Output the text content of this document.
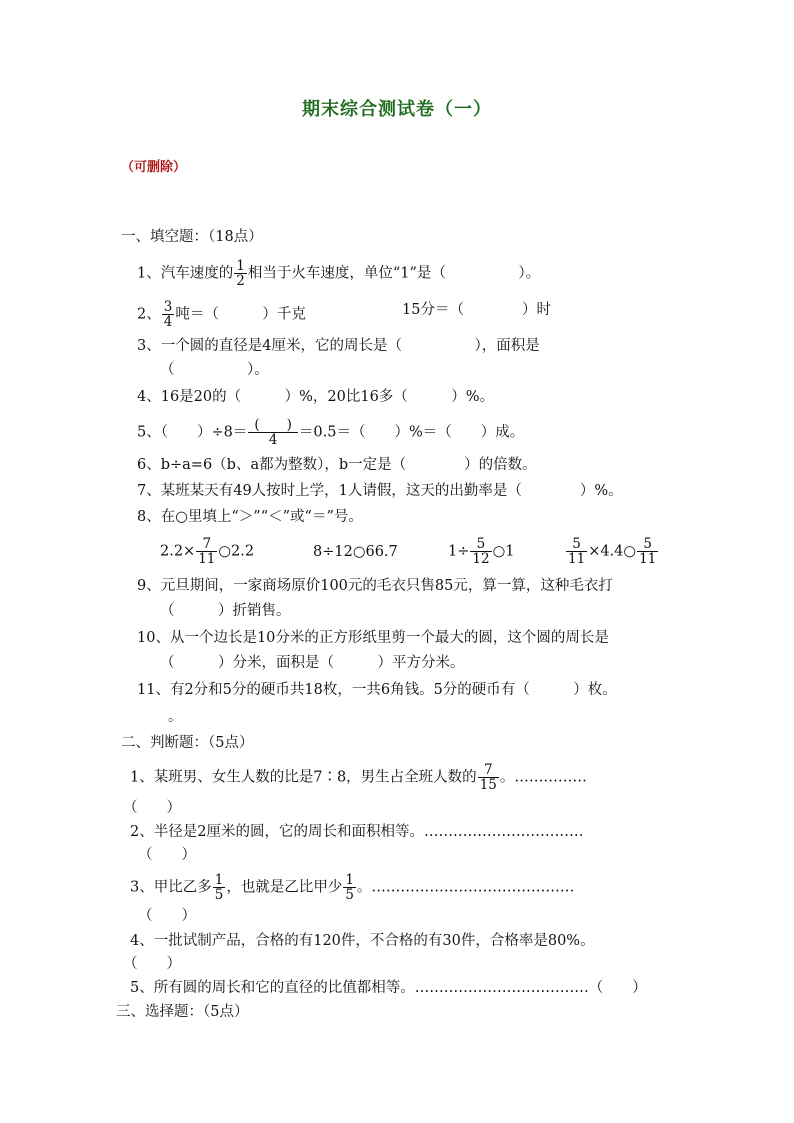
期末综合测试卷（一）
（可删除）
一、填空题：（18点）
1、汽车速度的 $\frac{1}{2}$ 相当于火车速度，单位“1”是（　　　　　）。
2、 $\frac{3}{4}$ 吨＝（　　　）千克	15分＝（　　　　）时
3、一个圆的直径是4厘米，它的周长是（　　　　　），面积是
（　　　　　）。
4、16是20的（　　　）%，20比16多（　　　）%。
5、（　　）$\div 8= \frac{( )}{4} =0.5=$（　　）%＝（　　）成。
6、b÷a=6（b、a都为整数），b一定是（　　　　）的倍数。
7、某班某天有49人按时上学，1人请假，这天的出勤率是（　　　　）%。
8、在○里填上“＞”“＜”或“＝”号。
$2.2\times \frac{7}{11}$ ○2.2	8÷12○66.7	$1\div \frac{5}{12}$ ○1	$\frac{5}{11}$ ×4.4○ $\frac{5}{11}$
9、元旦期间，一家商场原价100元的毛衣只售85元，算一算，这种毛衣打
（　　　）折销售。
10、从一个边长是10分米的正方形纸里剪一个最大的圆，这个圆的周长是
（　　　）分米，面积是（　　　）平方分米。
11、有2分和5分的硬币共18枚，一共6角钱。5分的硬币有（　　　）枚。
。
二、判断题：（5点）
1、某班男、女生人数的比是7∶8，男生占全班人数的 $\frac{7}{15}$ 。……………
（　　）
2、半径是2厘米的圆，它的周长和面积相等。……………………………
（　　）
3、甲比乙多 $\frac{1}{5}$ ，也就是乙比甲少 $\frac{1}{5}$ 。……………………………………
（　　）
4、一批试制产品，合格的有120件，不合格的有30件，合格率是80%。
（　　）
5、所有圆的周长和它的直径的比值都相等。………………………………（　　）
三、选择题：（5点）
